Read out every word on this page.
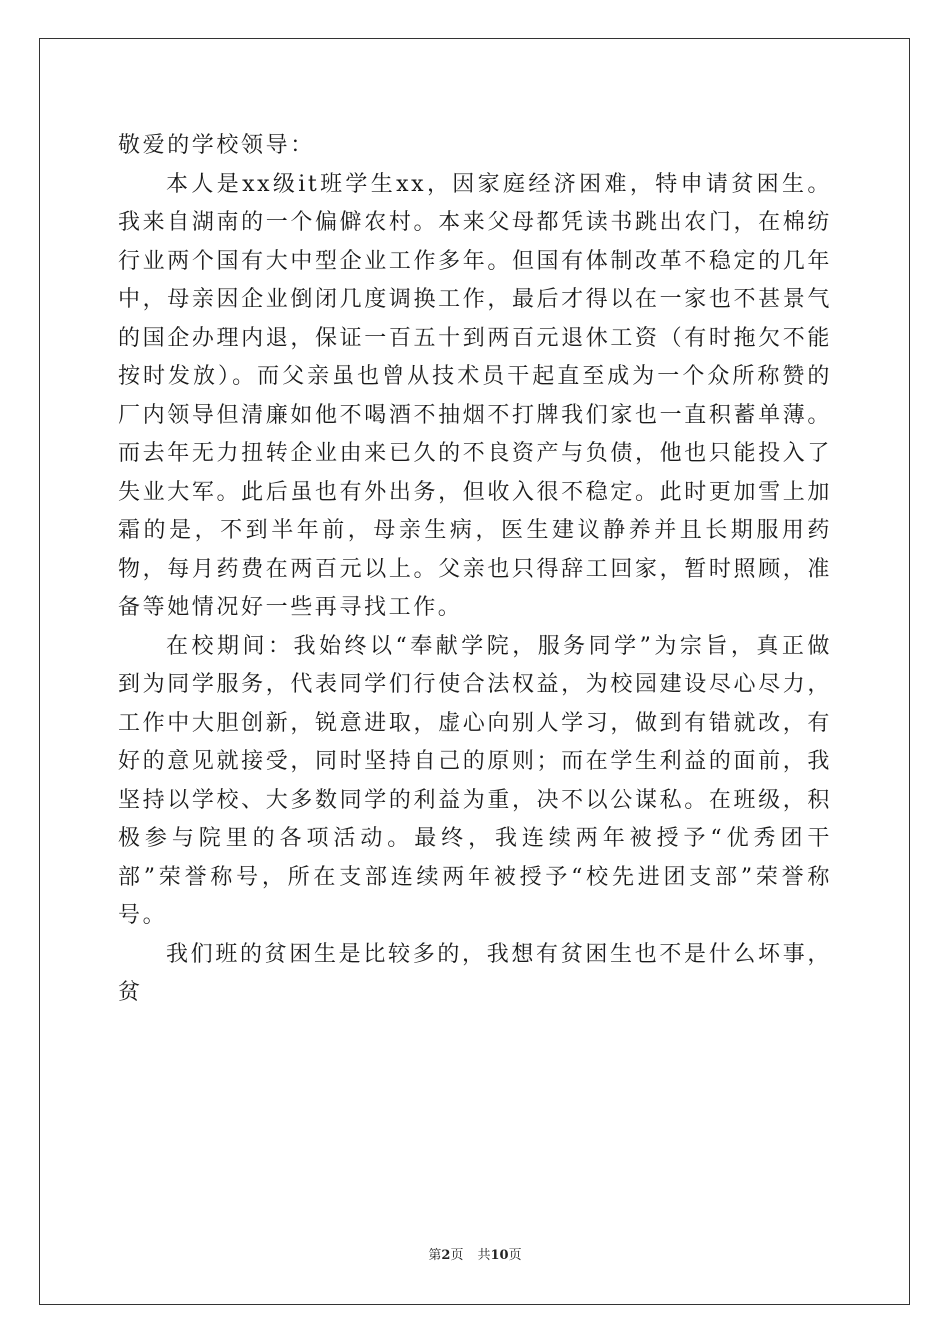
敬爱的学校领导：

本人是xx级it班学生xx，因家庭经济困难，特申请贫困生。我来自湖南的一个偏僻农村。本来父母都凭读书跳出农门，在棉纺行业两个国有大中型企业工作多年。但国有体制改革不稳定的几年中，母亲因企业倒闭几度调换工作，最后才得以在一家也不甚景气的国企办理内退，保证一百五十到两百元退休工资（有时拖欠不能按时发放）。而父亲虽也曾从技术员干起直至成为一个众所称赞的厂内领导但清廉如他不喝酒不抽烟不打牌我们家也一直积蓄单薄。而去年无力扭转企业由来已久的不良资产与负债，他也只能投入了失业大军。此后虽也有外出务，但收入很不稳定。此时更加雪上加霜的是，不到半年前，母亲生病，医生建议静养并且长期服用药物，每月药费在两百元以上。父亲也只得辞工回家，暂时照顾，准备等她情况好一些再寻找工作。

在校期间：我始终以“奉献学院，服务同学”为宗旨，真正做到为同学服务，代表同学们行使合法权益，为校园建设尽心尽力，工作中大胆创新，锐意进取，虚心向别人学习，做到有错就改，有好的意见就接受，同时坚持自己的原则；而在学生利益的面前，我坚持以学校、大多数同学的利益为重，决不以公谋私。在班级，积极参与院里的各项活动。最终，我连续两年被授予“优秀团干部”荣誉称号，所在支部连续两年被授予“校先进团支部”荣誉称号。

我们班的贫困生是比较多的，我想有贫困生也不是什么坏事，贫

第2页 共10页
